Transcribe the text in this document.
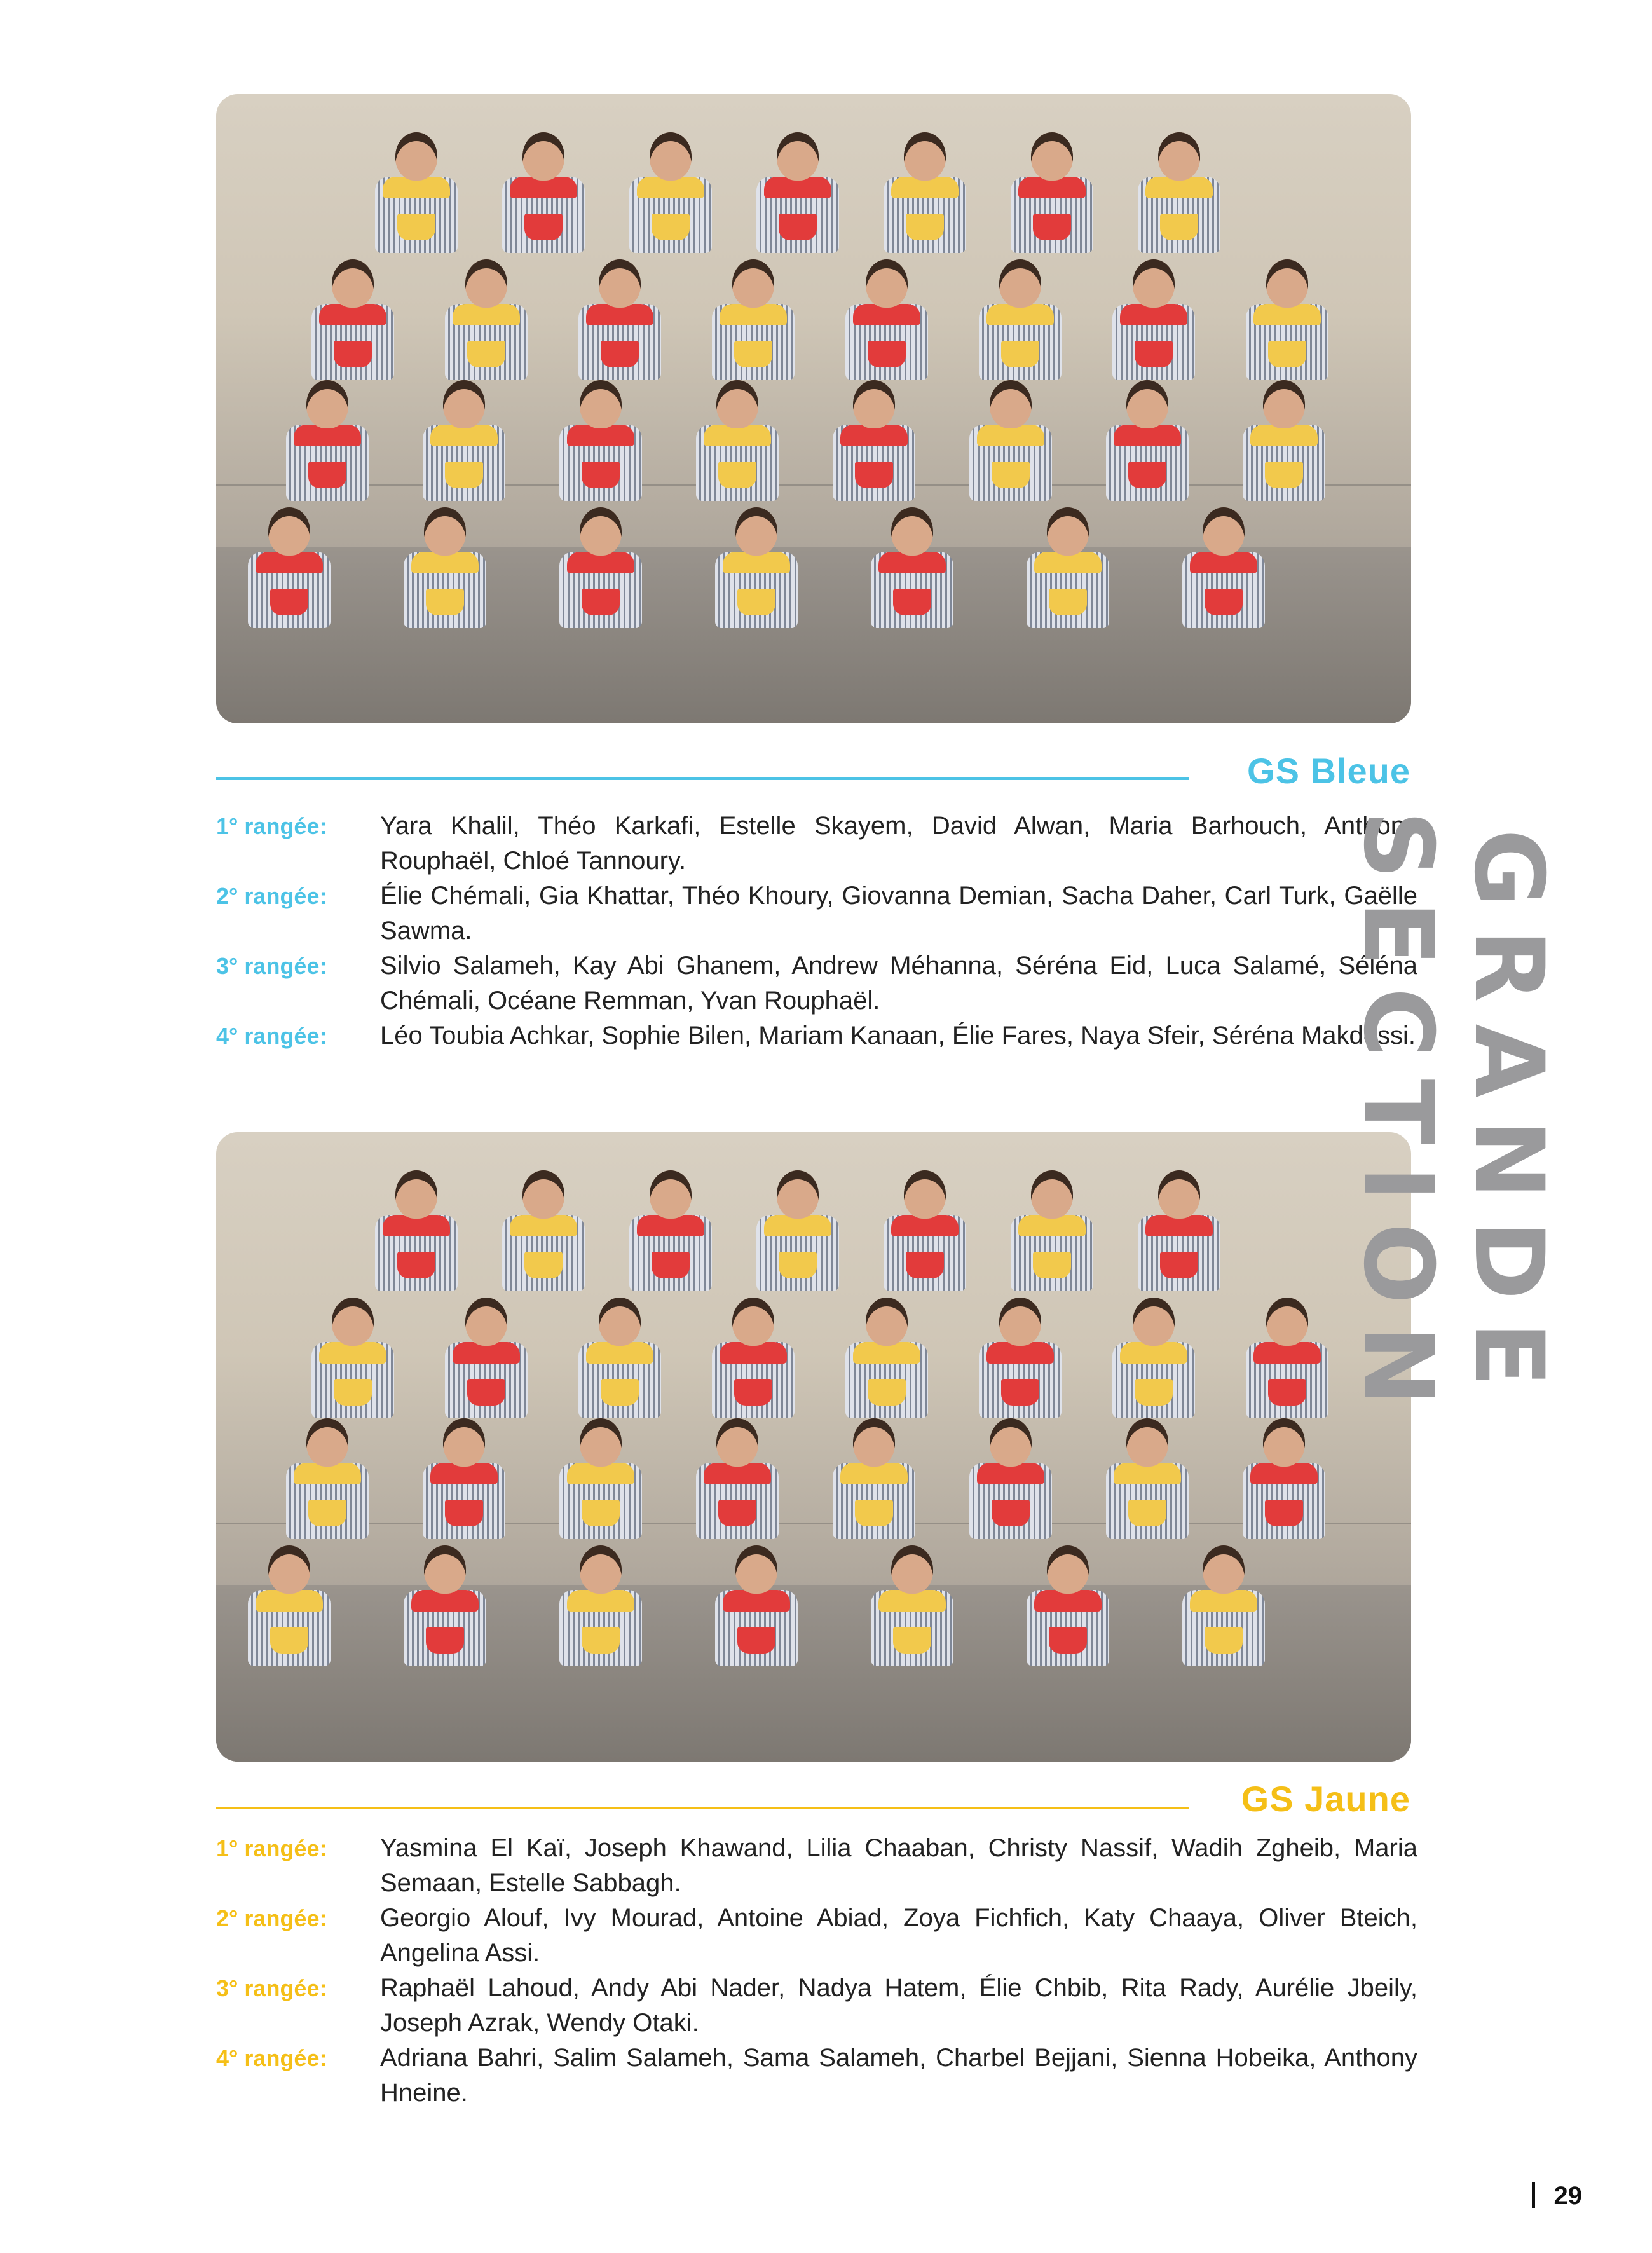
GS Bleue
1° rangée:	Yara Khalil, Théo Karkafi, Estelle Skayem, David Alwan, Maria Barhouch, Anthony Rouphaël, Chloé Tannoury.
2° rangée:	Élie Chémali, Gia Khattar, Théo Khoury, Giovanna Demian, Sacha Daher, Carl Turk, Gaëlle Sawma.
3° rangée:	Silvio Salameh, Kay Abi Ghanem, Andrew Méhanna, Séréna Eid, Luca Salamé, Séléna Chémali, Océane Remman, Yvan Rouphaël.
4° rangée:	Léo Toubia Achkar, Sophie Bilen, Mariam Kanaan, Élie Fares, Naya Sfeir, Séréna Makdessi.
GS Jaune
1° rangée:	Yasmina El Kaï, Joseph Khawand, Lilia Chaaban, Christy Nassif, Wadih Zgheib, Maria Semaan, Estelle Sabbagh.
2° rangée:	Georgio Alouf, Ivy Mourad, Antoine Abiad, Zoya Fichfich, Katy Chaaya, Oliver Bteich, Angelina Assi.
3° rangée:	Raphaël Lahoud, Andy Abi Nader, Nadya Hatem, Élie Chbib, Rita Rady, Aurélie Jbeily, Joseph Azrak, Wendy Otaki.
4° rangée:	Adriana Bahri, Salim Salameh, Sama Salameh, Charbel Bejjani, Sienna Hobeika, Anthony Hneine.
GRANDE SECTION
29
